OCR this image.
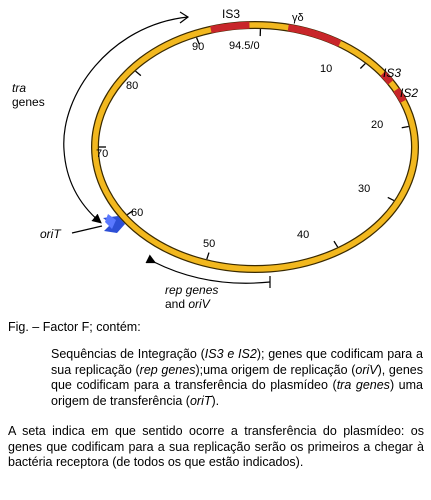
IS3	γδ
IS3
IS2
90 94.5/0
10
20
30
40
50
60
70
80
tra
genes
oriT
rep genes
and oriV
Fig. – Factor F; contém:
Sequências de Integração (IS3 e IS2); genes que codificam para a sua replicação (rep genes);uma origem de replicação (oriV), genes que codificam para a transferência do plasmídeo (tra genes) uma origem de transferência (oriT).
A seta indica em que sentido ocorre a transferência do plasmídeo: os genes que codificam para a sua replicação serão os primeiros a chegar à bactéria receptora (de todos os que estão indicados).
